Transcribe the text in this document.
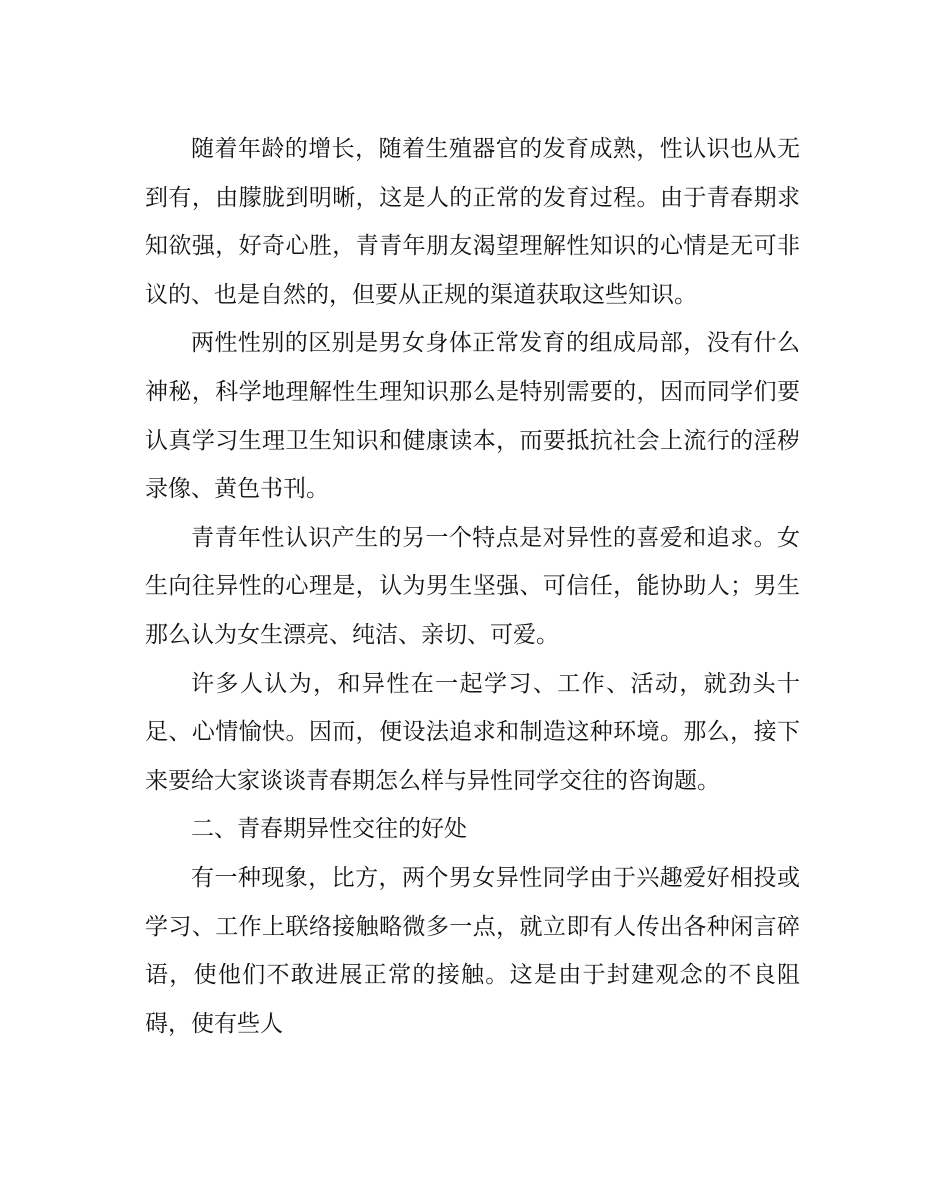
随着年龄的增长，随着生殖器官的发育成熟，性认识也从无到有，由朦胧到明晰，这是人的正常的发育过程。由于青春期求知欲强，好奇心胜，青青年朋友渴望理解性知识的心情是无可非议的、也是自然的，但要从正规的渠道获取这些知识。

两性性别的区别是男女身体正常发育的组成局部，没有什么神秘，科学地理解性生理知识那么是特别需要的，因而同学们要认真学习生理卫生知识和健康读本，而要抵抗社会上流行的淫秽录像、黄色书刊。

青青年性认识产生的另一个特点是对异性的喜爱和追求。女生向往异性的心理是，认为男生坚强、可信任，能协助人；男生那么认为女生漂亮、纯洁、亲切、可爱。

许多人认为，和异性在一起学习、工作、活动，就劲头十足、心情愉快。因而，便设法追求和制造这种环境。那么，接下来要给大家谈谈青春期怎么样与异性同学交往的咨询题。

二、青春期异性交往的好处

有一种现象，比方，两个男女异性同学由于兴趣爱好相投或学习、工作上联络接触略微多一点，就立即有人传出各种闲言碎语，使他们不敢进展正常的接触。这是由于封建观念的不良阻碍，使有些人
